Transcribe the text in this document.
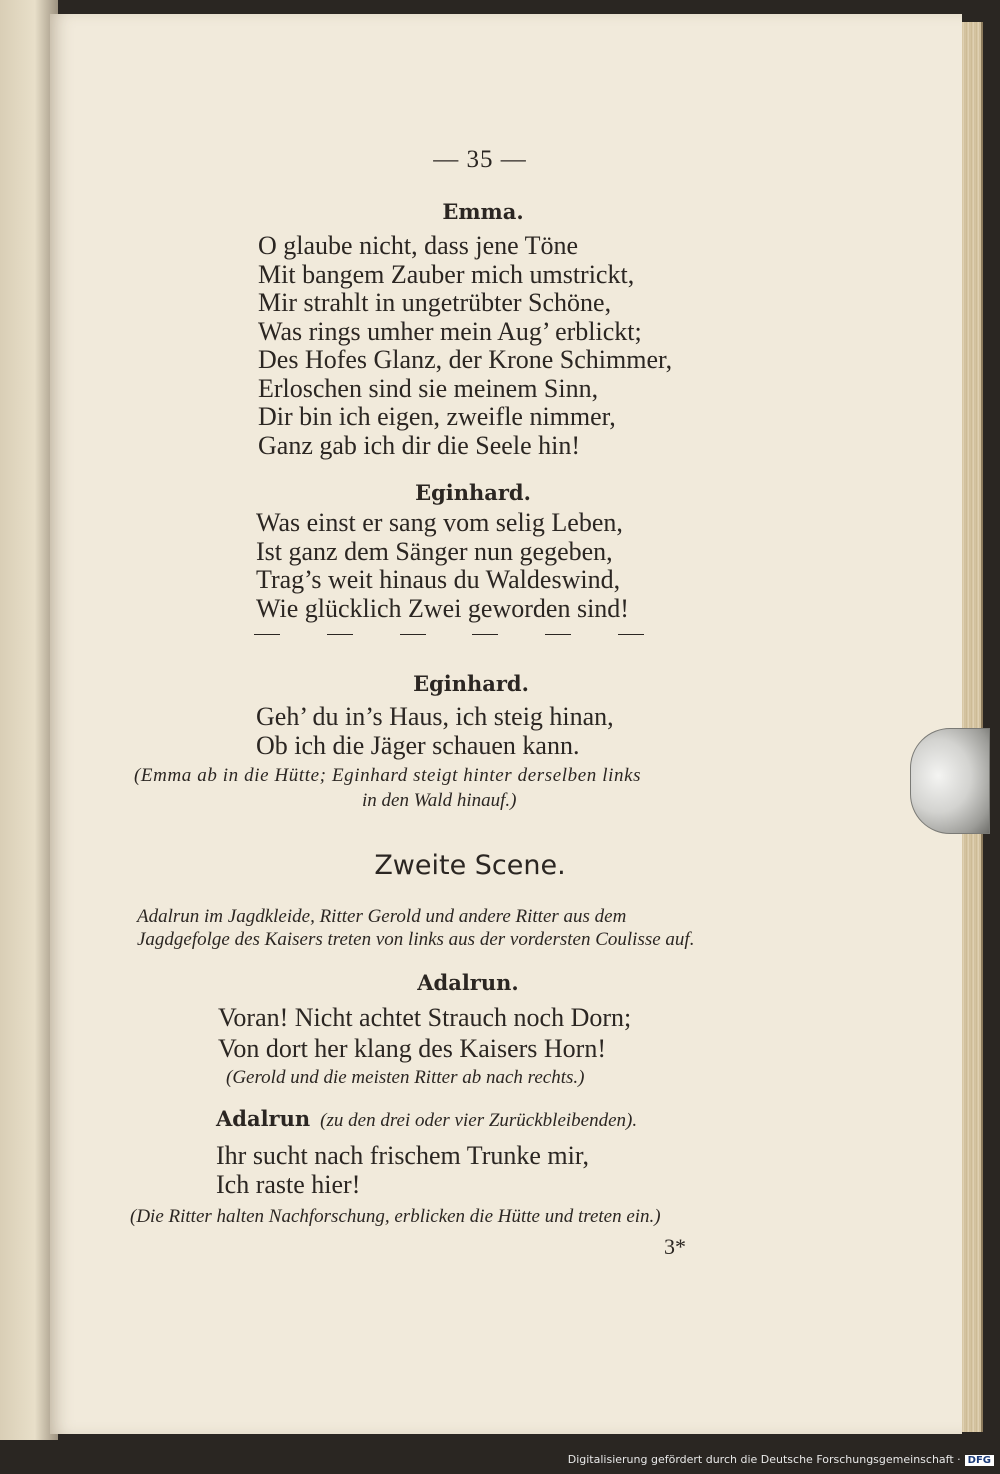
— 35 —
Emma.
O glaube nicht, dass jene Töne
Mit bangem Zauber mich umstrickt,
Mir strahlt in ungetrübter Schöne,
Was rings umher mein Aug’ erblickt;
Des Hofes Glanz, der Krone Schimmer,
Erloschen sind sie meinem Sinn,
Dir bin ich eigen, zweifle nimmer,
Ganz gab ich dir die Seele hin!
Eginhard.
Was einst er sang vom selig Leben,
Ist ganz dem Sänger nun gegeben,
Trag’s weit hinaus du Waldeswind,
Wie glücklich Zwei geworden sind!
Eginhard.
Geh’ du in’s Haus, ich steig hinan,
Ob ich die Jäger schauen kann.
(Emma ab in die Hütte; Eginhard steigt hinter derselben links
in den Wald hinauf.)
Zweite Scene.
Adalrun im Jagdkleide, Ritter Gerold und andere Ritter aus dem
Jagdgefolge des Kaisers treten von links aus der vordersten Coulisse auf.
Adalrun.
Voran! Nicht achtet Strauch noch Dorn;
Von dort her klang des Kaisers Horn!
(Gerold und die meisten Ritter ab nach rechts.)
Adalrun (zu den drei oder vier Zurückbleibenden).
Ihr sucht nach frischem Trunke mir,
Ich raste hier!
(Die Ritter halten Nachforschung, erblicken die Hütte und treten ein.)
3*
Digitalisierung gefördert durch die Deutsche Forschungsgemeinschaft · DFG
